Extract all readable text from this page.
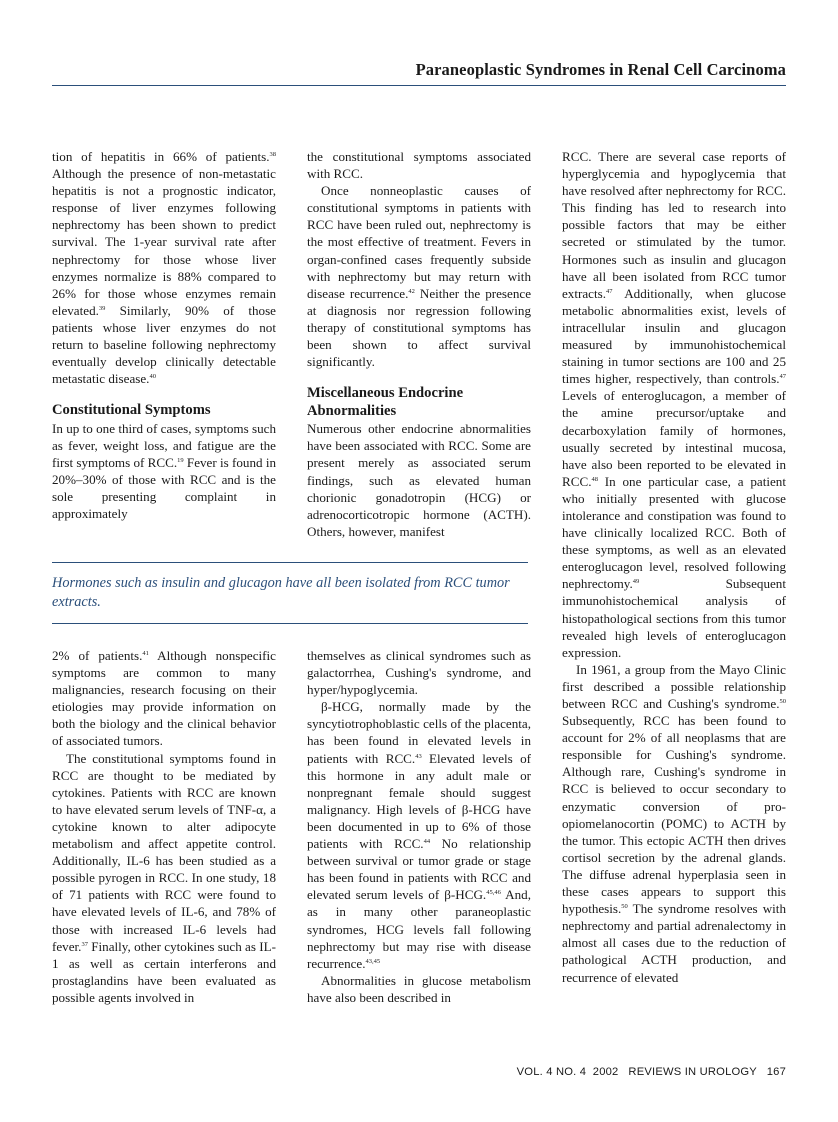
Paraneoplastic Syndromes in Renal Cell Carcinoma

tion of hepatitis in 66% of patients.$^{38}$ Although the presence of non-metastatic hepatitis is not a prognostic indicator, response of liver enzymes following nephrectomy has been shown to predict survival. The 1-year survival rate after nephrectomy for those whose liver enzymes normalize is 88% compared to 26% for those whose enzymes remain elevated.$^{39}$ Similarly, 90% of those patients whose liver enzymes do not return to baseline following nephrectomy eventually develop clinically detectable metastatic disease.$^{40}$

Constitutional Symptoms

In up to one third of cases, symptoms such as fever, weight loss, and fatigue are the first symptoms of RCC.$^{19}$ Fever is found in 20%–30% of those with RCC and is the sole presenting complaint in approximately

the constitutional symptoms associated with RCC.

Once nonneoplastic causes of constitutional symptoms in patients with RCC have been ruled out, nephrectomy is the most effective of treatment. Fevers in organ-confined cases frequently subside with nephrectomy but may return with disease recurrence.$^{42}$ Neither the presence at diagnosis nor regression following therapy of constitutional symptoms has been shown to affect survival significantly.

Miscellaneous Endocrine Abnormalities

Numerous other endocrine abnormalities have been associated with RCC. Some are present merely as associated serum findings, such as elevated human chorionic gonadotropin (HCG) or adrenocorticotropic hormone (ACTH). Others, however, manifest

Hormones such as insulin and glucagon have all been isolated from RCC tumor extracts.

2% of patients.$^{41}$ Although nonspecific symptoms are common to many malignancies, research focusing on their etiologies may provide information on both the biology and the clinical behavior of associated tumors.

The constitutional symptoms found in RCC are thought to be mediated by cytokines. Patients with RCC are known to have elevated serum levels of TNF-α, a cytokine known to alter adipocyte metabolism and affect appetite control. Additionally, IL-6 has been studied as a possible pyrogen in RCC. In one study, 18 of 71 patients with RCC were found to have elevated levels of IL-6, and 78% of those with increased IL-6 levels had fever.$^{37}$ Finally, other cytokines such as IL-1 as well as certain interferons and prostaglandins have been evaluated as possible agents involved in

themselves as clinical syndromes such as galactorrhea, Cushing's syndrome, and hyper/hypoglycemia.

β-HCG, normally made by the syncytiotrophoblastic cells of the placenta, has been found in elevated levels in patients with RCC.$^{43}$ Elevated levels of this hormone in any adult male or nonpregnant female should suggest malignancy. High levels of β-HCG have been documented in up to 6% of those patients with RCC.$^{44}$ No relationship between survival or tumor grade or stage has been found in patients with RCC and elevated serum levels of β-HCG.$^{45,46}$ And, as in many other paraneoplastic syndromes, HCG levels fall following nephrectomy but may rise with disease recurrence.$^{43,45}$

Abnormalities in glucose metabolism have also been described in

RCC. There are several case reports of hyperglycemia and hypoglycemia that have resolved after nephrectomy for RCC. This finding has led to research into possible factors that may be either secreted or stimulated by the tumor. Hormones such as insulin and glucagon have all been isolated from RCC tumor extracts.$^{47}$ Additionally, when glucose metabolic abnormalities exist, levels of intracellular insulin and glucagon measured by immunohistochemical staining in tumor sections are 100 and 25 times higher, respectively, than controls.$^{47}$ Levels of enteroglucagon, a member of the amine precursor/uptake and decarboxylation family of hormones, usually secreted by intestinal mucosa, have also been reported to be elevated in RCC.$^{48}$ In one particular case, a patient who initially presented with glucose intolerance and constipation was found to have clinically localized RCC. Both of these symptoms, as well as an elevated enteroglucagon level, resolved following nephrectomy.$^{49}$ Subsequent immunohistochemical analysis of histopathological sections from this tumor revealed high levels of enteroglucagon expression.

In 1961, a group from the Mayo Clinic first described a possible relationship between RCC and Cushing's syndrome.$^{50}$ Subsequently, RCC has been found to account for 2% of all neoplasms that are responsible for Cushing's syndrome. Although rare, Cushing's syndrome in RCC is believed to occur secondary to enzymatic conversion of pro-opiomelanocortin (POMC) to ACTH by the tumor. This ectopic ACTH then drives cortisol secretion by the adrenal glands. The diffuse adrenal hyperplasia seen in these cases appears to support this hypothesis.$^{50}$ The syndrome resolves with nephrectomy and partial adrenalectomy in almost all cases due to the reduction of pathological ACTH production, and recurrence of elevated

VOL. 4 NO. 4  2002 REVIEWS IN UROLOGY 167
